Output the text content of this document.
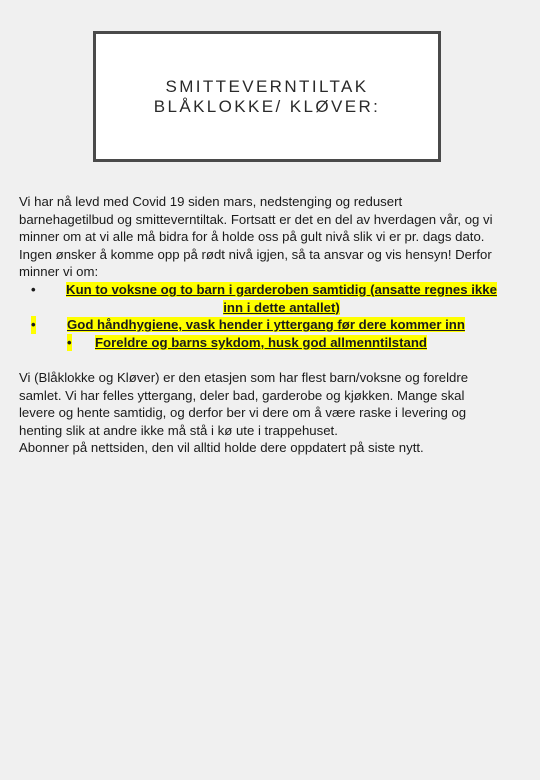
SMITTEVERNTILTAK
BLÅKLOKKE/ KLØVER:

Vi har nå levd med Covid 19 siden mars, nedstenging og redusert barnehagetilbud og smitteverntiltak. Fortsatt er det en del av hverdagen vår, og vi minner om at vi alle må bidra for å holde oss på gult nivå slik vi er pr. dags dato. Ingen ønsker å komme opp på rødt nivå igjen, så ta ansvar og vis hensyn! Derfor minner vi om:

•	Kun to voksne og to barn i garderoben samtidig (ansatte regnes ikke inn i dette antallet)
•	God håndhygiene, vask hender i yttergang før dere kommer inn
•	Foreldre og barns sykdom, husk god allmenntilstand

Vi (Blåklokke og Kløver) er den etasjen som har flest barn/voksne og foreldre samlet. Vi har felles yttergang, deler bad, garderobe og kjøkken. Mange skal levere og hente samtidig, og derfor ber vi dere om å være raske i levering og henting slik at andre ikke må stå i kø ute i trappehuset.

Abonner på nettsiden, den vil alltid holde dere oppdatert på siste nytt.
